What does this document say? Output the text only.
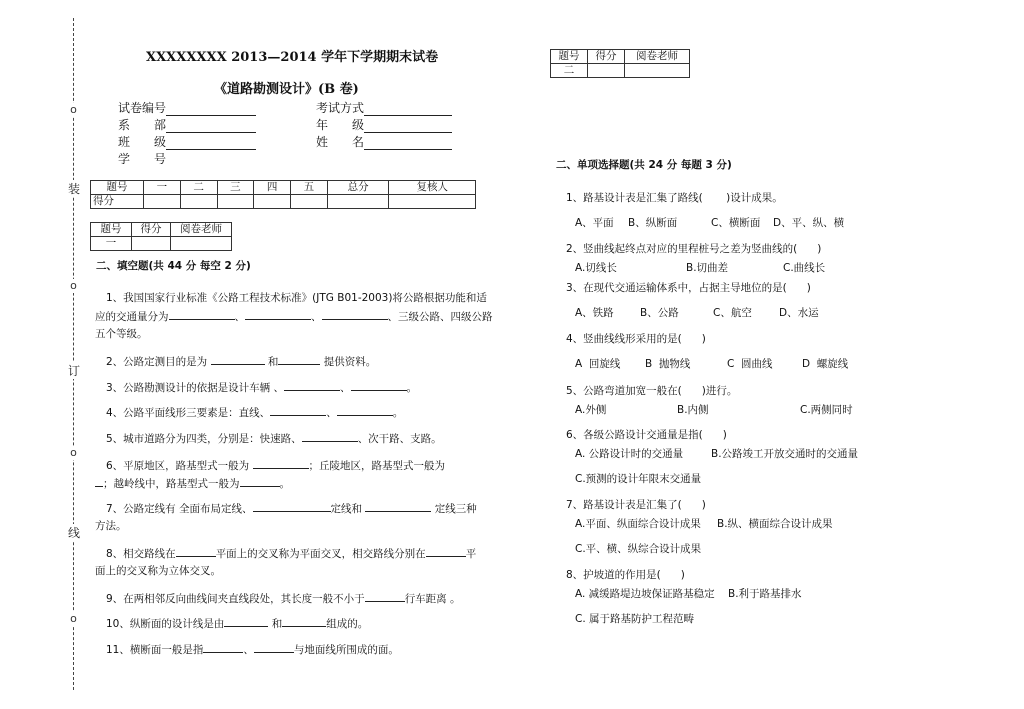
o
装
o
订
o
线
o
XXXXXXXX 2013—2014 学年下学期期末试卷
《道路勘测设计》(B 卷)
试卷编号	考试方式
系 部	年 级
班 级	姓 名
学 号
题号	一	二	三	四	五	总分	复核人
得分							
题号	得分	阅卷老师
一		
二、填空题(共 44 分 每空 2 分)
1、我国国家行业标准《公路工程技术标准》(JTG B01-2003)将公路根据功能和适
应的交通量分为	、	、	、三级公路、四级公路
五个等级。
2、公路定测目的是为	和	提供资料。
3、公路勘测设计的依据是设计车辆 、	、	。
4、公路平面线形三要素是：直线、	、	。
5、城市道路分为四类，分别是：快速路、	、次干路、支路。
6、平原地区，路基型式一般为	；丘陵地区，路基型式一般为
；越岭线中，路基型式一般为	。
7、公路定线有 全面布局定线、	定线和	定线三种
方法。
8、相交路线在	平面上的交叉称为平面交叉，相交路线分别在	平
面上的交叉称为立体交叉。
9、在两相邻反向曲线间夹直线段处，其长度一般不小于	行车距离 。
10、纵断面的设计线是由	和	组成的。
11、横断面一般是指	、	与地面线所围成的面。
题号	得分	阅卷老师
二		
二、单项选择题(共 24 分 每题 3 分)
1、路基设计表是汇集了路线(       )设计成果。
A、平面 B、纵断面	C、横断面 D、平、纵、横
2、竖曲线起终点对应的里程桩号之差为竖曲线的(      )
A.切线长	B.切曲差	C.曲线长
3、在现代交通运输体系中，占据主导地位的是(      )
A、铁路	B、公路	C、航空	D、水运
4、竖曲线线形采用的是(      )
A  回旋线 B  抛物线	C  圆曲线	D  螺旋线
5、公路弯道加宽一般在(      )进行。
A.外侧	B.内侧	C.两侧同时
6、各级公路设计交通量是指(      )
A. 公路设计时的交通量	B.公路竣工开放交通时的交通量
C.预测的设计年限末交通量
7、路基设计表是汇集了(      )
A.平面、纵面综合设计成果 B.纵、横面综合设计成果
C.平、横、纵综合设计成果
8、护坡道的作用是(      )
A. 减缓路堤边坡保证路基稳定 B.利于路基排水
C. 属于路基防护工程范畴
